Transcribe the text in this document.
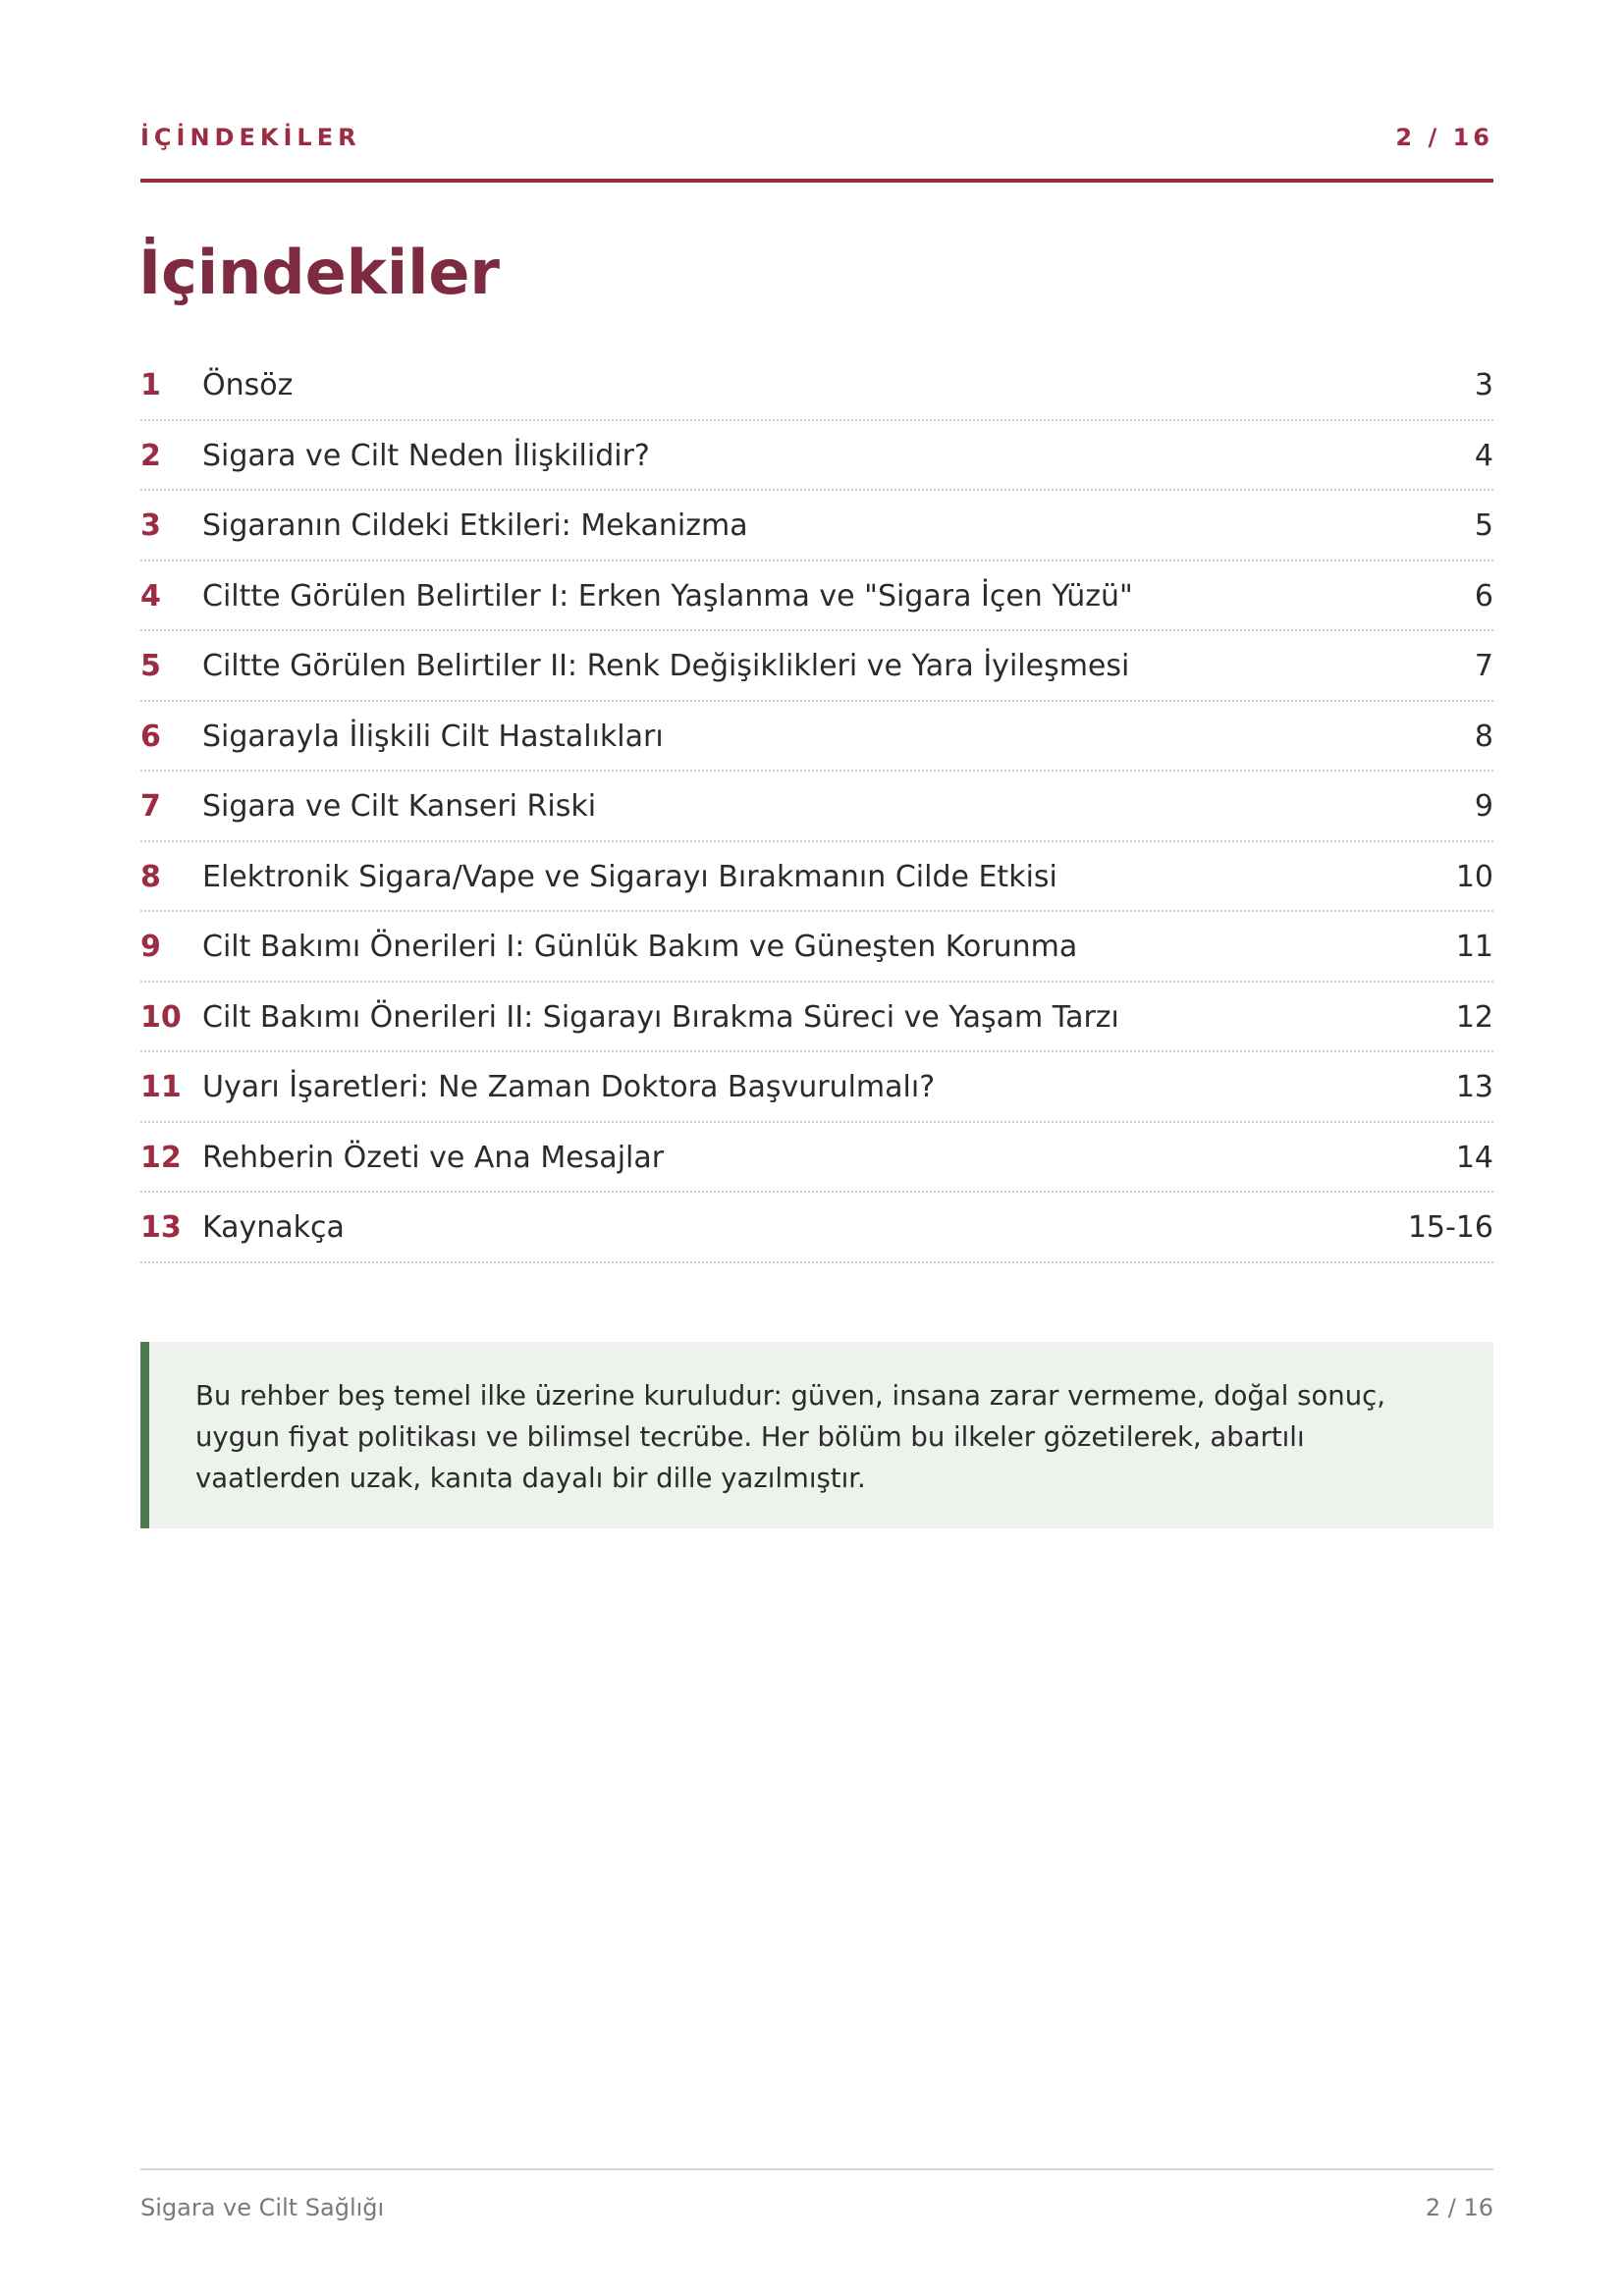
İÇİNDEKİLER	2 / 16
İçindekiler
1	Önsöz	3
2	Sigara ve Cilt Neden İlişkilidir?	4
3	Sigaranın Cildeki Etkileri: Mekanizma	5
4	Ciltte Görülen Belirtiler I: Erken Yaşlanma ve "Sigara İçen Yüzü"	6
5	Ciltte Görülen Belirtiler II: Renk Değişiklikleri ve Yara İyileşmesi	7
6	Sigarayla İlişkili Cilt Hastalıkları	8
7	Sigara ve Cilt Kanseri Riski	9
8	Elektronik Sigara/Vape ve Sigarayı Bırakmanın Cilde Etkisi	10
9	Cilt Bakımı Önerileri I: Günlük Bakım ve Güneşten Korunma	11
10 Cilt Bakımı Önerileri II: Sigarayı Bırakma Süreci ve Yaşam Tarzı	12
11 Uyarı İşaretleri: Ne Zaman Doktora Başvurulmalı?	13
12 Rehberin Özeti ve Ana Mesajlar	14
13 Kaynakça	15-16

Bu rehber beş temel ilke üzerine kuruludur: güven, insana zarar vermeme, doğal sonuç,
uygun fiyat politikası ve bilimsel tecrübe. Her bölüm bu ilkeler gözetilerek, abartılı
vaatlerden uzak, kanıta dayalı bir dille yazılmıştır.

Sigara ve Cilt Sağlığı	2 / 16
